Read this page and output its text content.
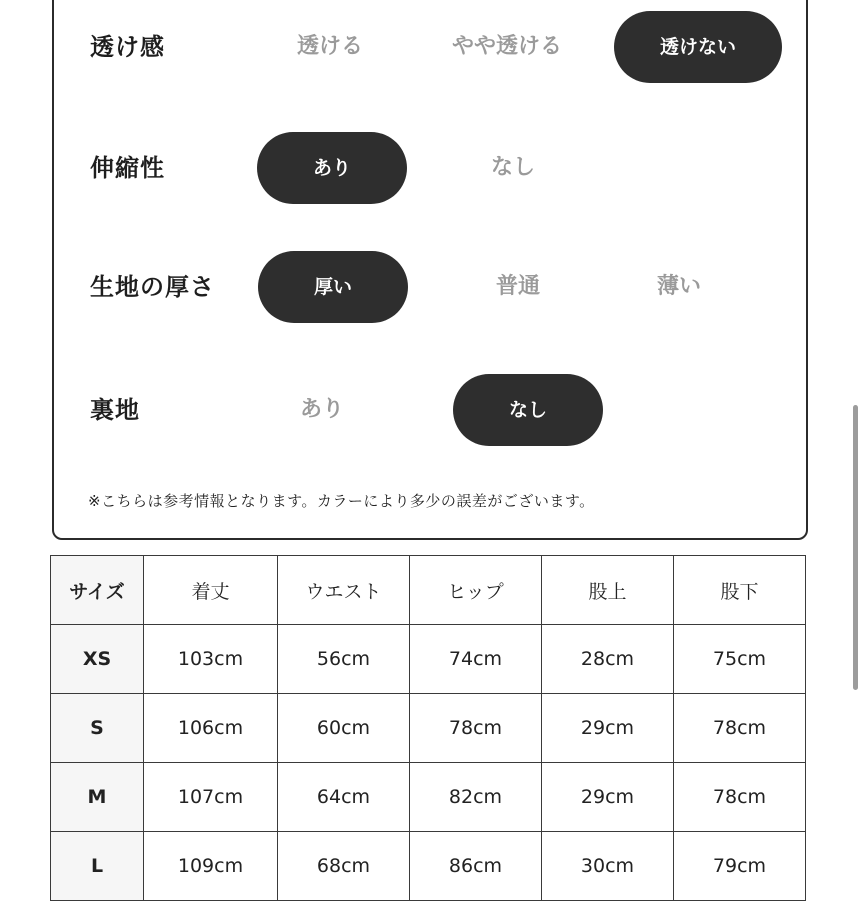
透け感	透ける	やや透ける	透けない
伸縮性	あり	なし
生地の厚さ	厚い	普通	薄い
裏地	あり	なし
※こちらは参考情報となります。カラーにより多少の誤差がございます。
サイズ	着丈	ウエスト	ヒップ	股上	股下
XS	103cm	56cm	74cm	28cm	75cm
S	106cm	60cm	78cm	29cm	78cm
M	107cm	64cm	82cm	29cm	78cm
L	109cm	68cm	86cm	30cm	79cm
